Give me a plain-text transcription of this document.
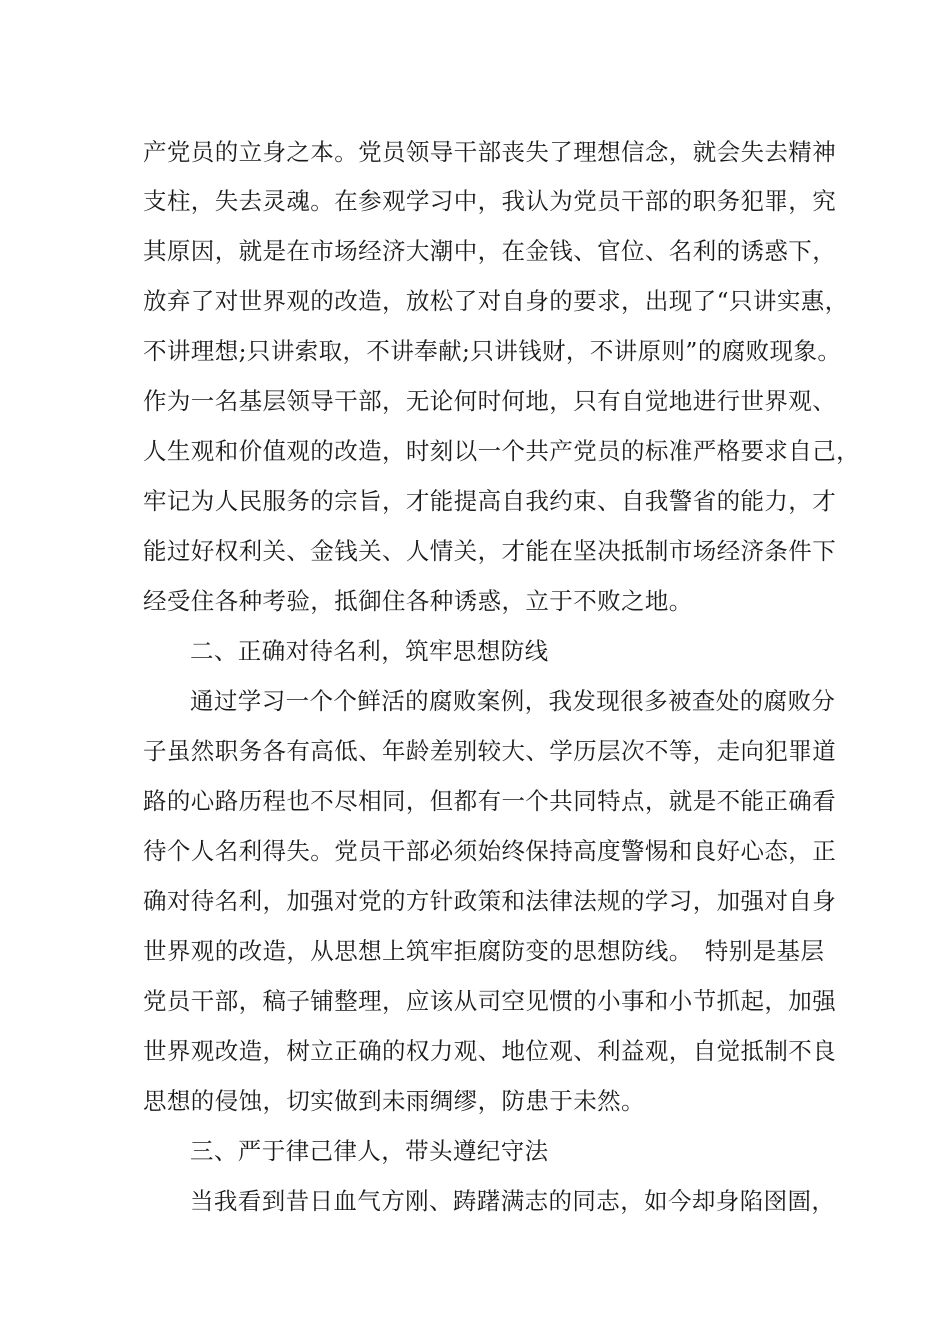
产党员的立身之本。党员领导干部丧失了理想信念，就会失去精神
支柱，失去灵魂。在参观学习中，我认为党员干部的职务犯罪，究
其原因，就是在市场经济大潮中，在金钱、官位、名利的诱惑下，
放弃了对世界观的改造，放松了对自身的要求，出现了“只讲实惠，
不讲理想;只讲索取，不讲奉献;只讲钱财，不讲原则”的腐败现象。
作为一名基层领导干部，无论何时何地，只有自觉地进行世界观、
人生观和价值观的改造，时刻以一个共产党员的标准严格要求自己，
牢记为人民服务的宗旨，才能提高自我约束、自我警省的能力，才
能过好权利关、金钱关、人情关，才能在坚决抵制市场经济条件下
经受住各种考验，抵御住各种诱惑，立于不败之地。
二、正确对待名利，筑牢思想防线
通过学习一个个鲜活的腐败案例，我发现很多被查处的腐败分
子虽然职务各有高低、年龄差别较大、学历层次不等，走向犯罪道
路的心路历程也不尽相同，但都有一个共同特点，就是不能正确看
待个人名利得失。党员干部必须始终保持高度警惕和良好心态，正
确对待名利，加强对党的方针政策和法律法规的学习，加强对自身
世界观的改造，从思想上筑牢拒腐防变的思想防线。　特别是基层
党员干部，稿子铺整理，应该从司空见惯的小事和小节抓起，加强
世界观改造，树立正确的权力观、地位观、利益观，自觉抵制不良
思想的侵蚀，切实做到未雨绸缪，防患于未然。
三、严于律己律人，带头遵纪守法
当我看到昔日血气方刚、踌躇满志的同志，如今却身陷囹圄，
